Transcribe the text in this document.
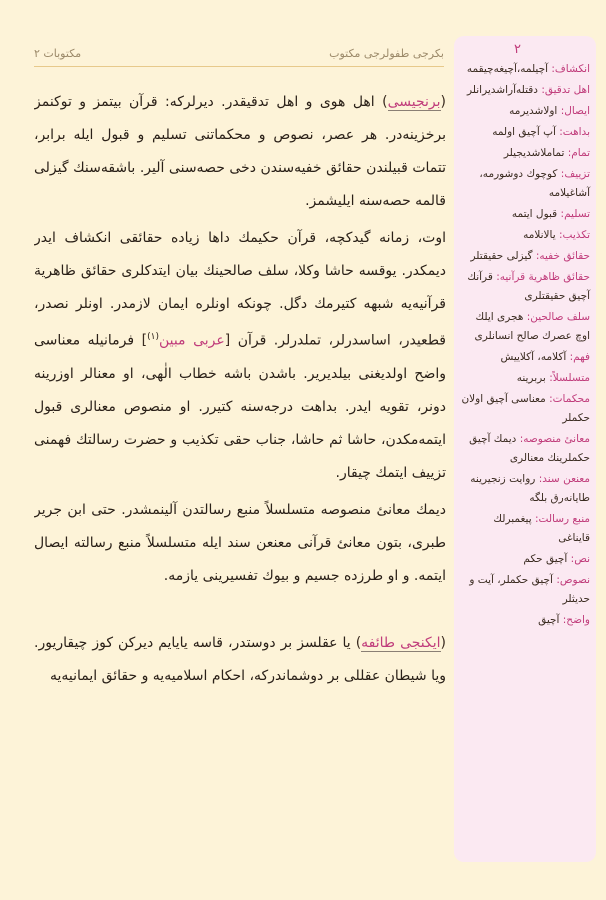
مكتوبات ٢	بكرجى طفولرجى مكتوب

(برنجيسى) اهل هوى و اهل تدقيقدر. ديرلركه: قرآن بيتمز و توكنمز برخزينه‌در. هر عصر، نصوص و محكماتنى تسليم و قبول ايله برابر، تتمات قبيلندن حقائق خفيه‌سندن دخى حصه‌سنى آلير. باشقه‌سنك گيزلى قالمه حصه‌سنه ايليشمز.

اوت، زمانه گيدكچه، قرآن حكيمك داها زياده حقائقى انكشاف ايدر ديمكدر. يوقسه حاشا وكلا، سلف صالحينك بيان ايتدكلرى حقائق ظاهرية قرآنيه‌يه شبهه كتيرمك دگل. چونكه اونلره ايمان لازمدر. اونلر نصدر، قطعيدر، اساسدرلر، تملدرلر. قرآن [عربى مبين$^{(١)}$] فرمانيله معناسى واضح اولديغنى بيلديرير. باشدن باشه خطاب الٰهى، او معنالر اوزرينه دونر، تقويه ايدر. بداهت درجه‌سنه كتيرر. او منصوص معنالرى قبول ايتمه‌مكدن، حاشا ثم حاشا، جناب حقى تكذيب و حضرت رسالتك فهمنى تزييف ايتمك چيقار.

ديمك معانئ منصوصه متسلسلاً منبع رسالتدن آلينمشدر. حتى ابن جرير طبرى، بتون معانئ قرآنى معنعن سند ايله متسلسلاً منبع رسالته ايصال ايتمه. و او طرزده جسيم و بيوك تفسيرينى يازمه.

(ايكنجى طائفه) يا عقلسز بر دوستدر، قاسه يايايم ديركن كوز چيقاريور. ويا شيطان عقللى بر دوشماندركه، احكام اسلاميه‌يه و حقائق ايمانيه‌يه

٢
انكشاف: آچيلمه،آچيغه‌چيقمه
اهل تدقيق: دقتله‌آراشديرانلر
ايصال: اولاشديرمه
بداهت: آپ آچيق اولمه
تمام: تماملاشديجيلر
تزييف: كوچوك دوشورمه، آشاغيلامه
تسليم: قبول ايتمه
تكذيب: يالانلامه
حقائق خفيه: گيزلى حقيقتلر
حقائق ظاهرية قرآنيه: قرآنك آچيق حقيقتلرى
سلف صالحين: هجرى ايلك اوچ عصرك صالح انسانلرى
فهم: آكلامه، آكلاييش
متسلسلاً: بربرينه
محكمات: معناسى آچيق اولان حكملر
معانئ منصوصه: ديمك آچيق حكملرينك معنالرى
معنعن سند: روايت زنجيرينه طايانه‌رق بلگه
منبع رسالت: پيغمبرلك قايناغى
نص: آچيق حكم
نصوص: آچيق حكملر، آيت و حديثلر
واضح: آچيق
